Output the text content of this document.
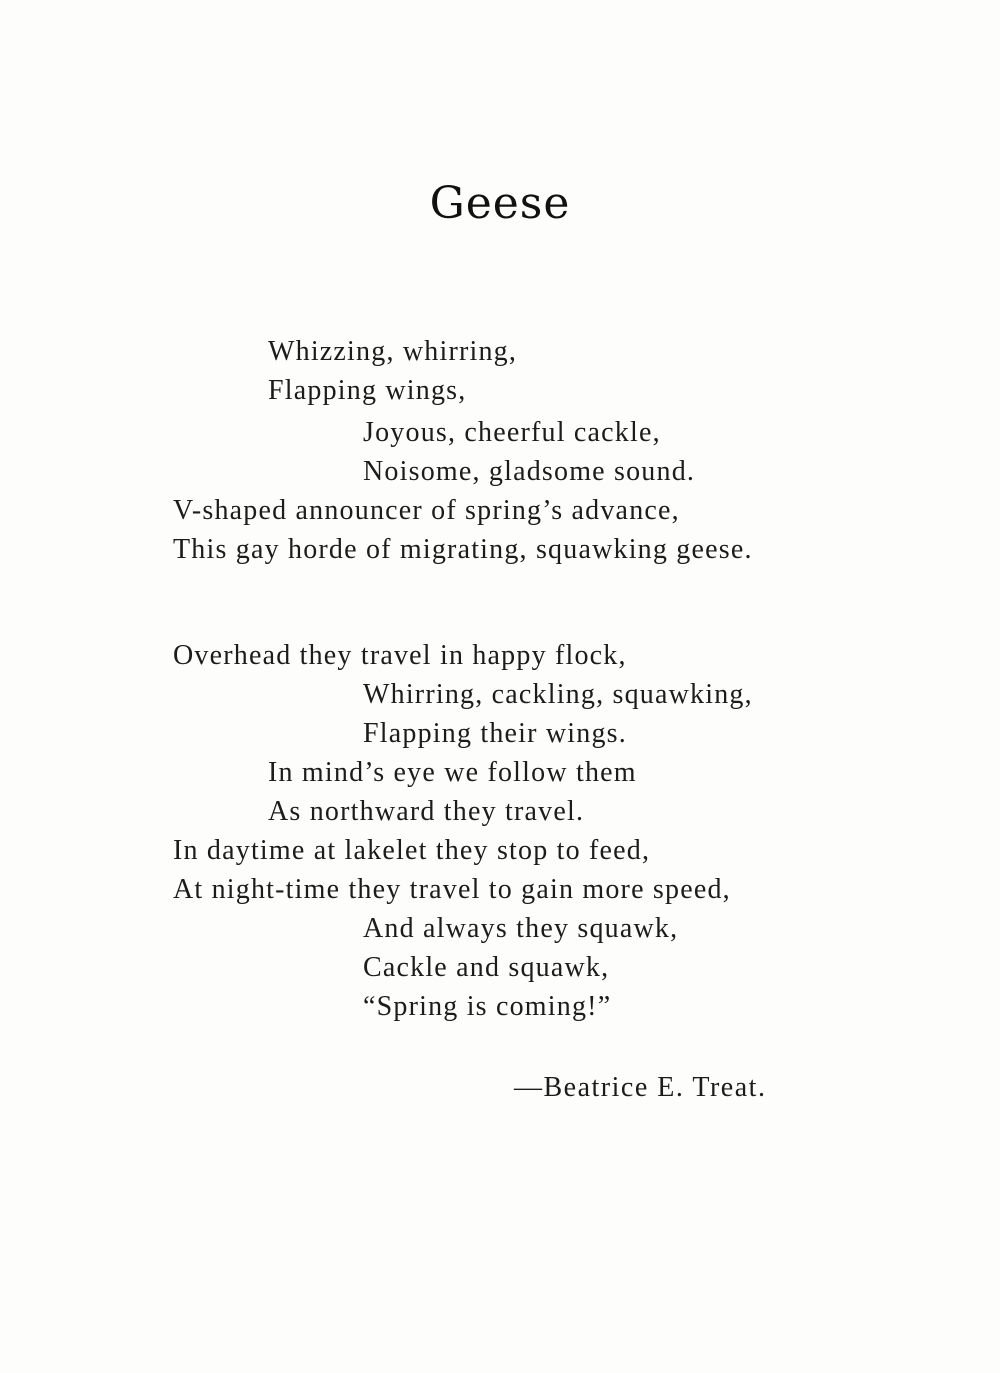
Geese
Whizzing, whirring,
Flapping wings,
Joyous, cheerful cackle,
Noisome, gladsome sound.
V-shaped announcer of spring’s advance,
This gay horde of migrating, squawking geese.
Overhead they travel in happy flock,
Whirring, cackling, squawking,
Flapping their wings.
In mind’s eye we follow them
As northward they travel.
In daytime at lakelet they stop to feed,
At night-time they travel to gain more speed,
And always they squawk,
Cackle and squawk,
“Spring is coming!”
—Beatrice E. Treat.
